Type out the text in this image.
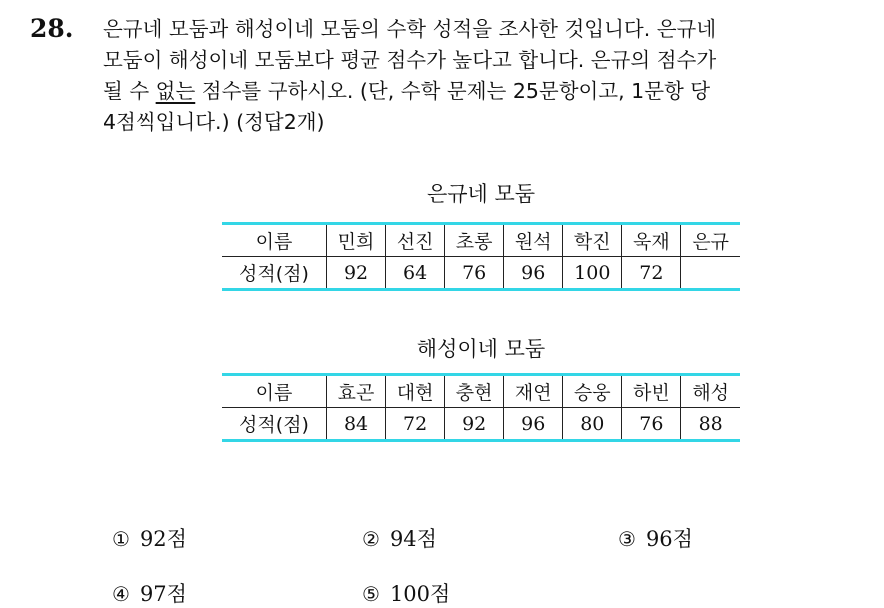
28. 은규네 모둠과 해성이네 모둠의 수학 성적을 조사한 것입니다. 은규네
모둠이 해성이네 모둠보다 평균 점수가 높다고 합니다. 은규의 점수가
될 수 없는 점수를 구하시오. (단, 수학 문제는 25문항이고, 1문항 당
4점씩입니다.) (정답2개)
은규네 모둠
이름	민희	선진	초롱	원석	학진	욱재	은규
성적(점)	92	64	76	96	100	72	
해성이네 모둠
이름	효곤	대현	충현	재연	승웅	하빈	해성
성적(점)	84	72	92	96	80	76	88
① 92점	② 94점	③ 96점
④ 97점	⑤ 100점
